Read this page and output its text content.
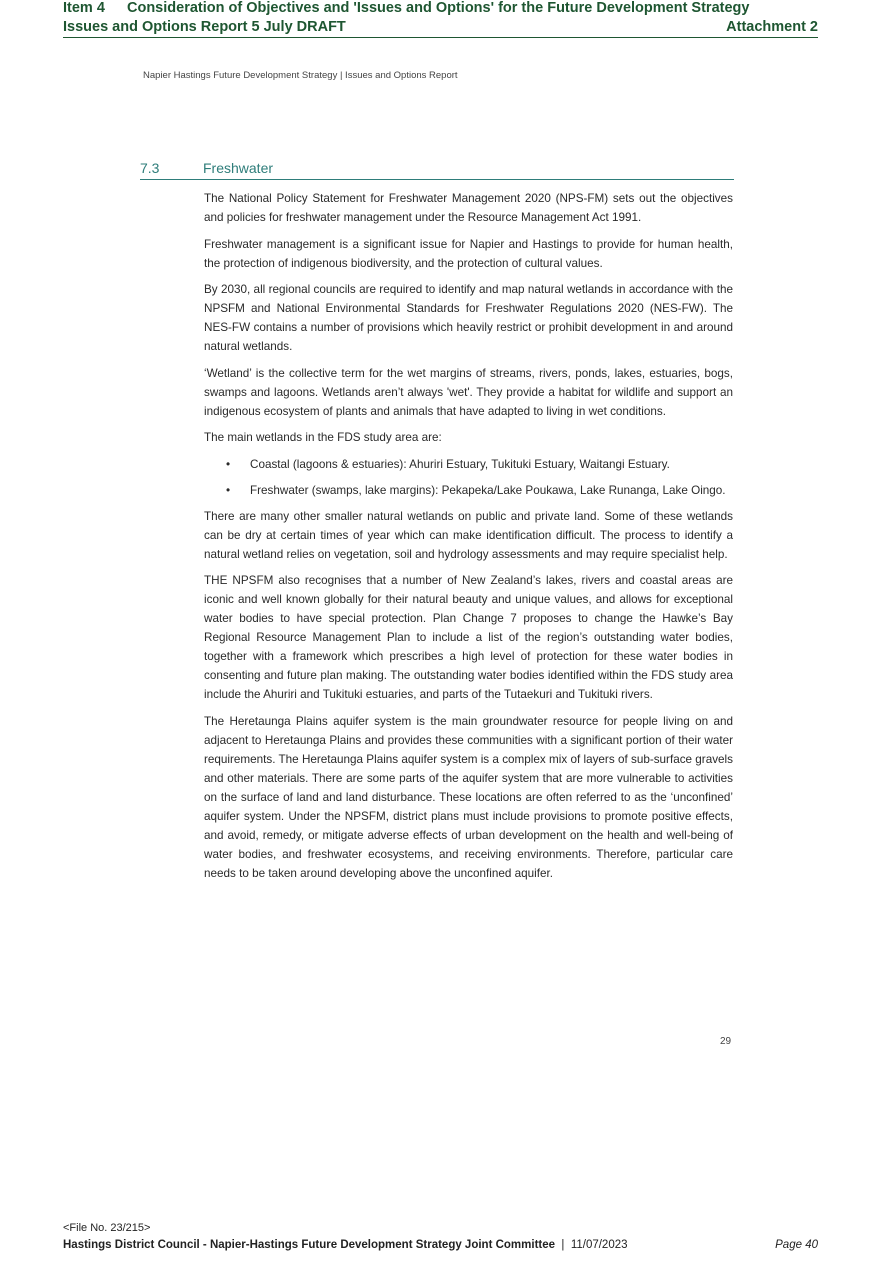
Item 4 Consideration of Objectives and 'Issues and Options' for the Future Development Strategy
Issues and Options Report 5 July DRAFT	Attachment 2
Napier Hastings Future Development Strategy | Issues and Options Report
7.3	Freshwater

The National Policy Statement for Freshwater Management 2020 (NPS-FM) sets out the objectives and policies for freshwater management under the Resource Management Act 1991.

Freshwater management is a significant issue for Napier and Hastings to provide for human health, the protection of indigenous biodiversity, and the protection of cultural values.

By 2030, all regional councils are required to identify and map natural wetlands in accordance with the NPSFM and National Environmental Standards for Freshwater Regulations 2020 (NES-FW). The NES-FW contains a number of provisions which heavily restrict or prohibit development in and around natural wetlands.

‘Wetland’ is the collective term for the wet margins of streams, rivers, ponds, lakes, estuaries, bogs, swamps and lagoons. Wetlands aren’t always 'wet'. They provide a habitat for wildlife and support an indigenous ecosystem of plants and animals that have adapted to living in wet conditions.

The main wetlands in the FDS study area are:

• Coastal (lagoons & estuaries): Ahuriri Estuary, Tukituki Estuary, Waitangi Estuary.
• Freshwater (swamps, lake margins): Pekapeka/Lake Poukawa, Lake Runanga, Lake Oingo.

There are many other smaller natural wetlands on public and private land. Some of these wetlands can be dry at certain times of year which can make identification difficult. The process to identify a natural wetland relies on vegetation, soil and hydrology assessments and may require specialist help.

THE NPSFM also recognises that a number of New Zealand’s lakes, rivers and coastal areas are iconic and well known globally for their natural beauty and unique values, and allows for exceptional water bodies to have special protection. Plan Change 7 proposes to change the Hawke’s Bay Regional Resource Management Plan to include a list of the region’s outstanding water bodies, together with a framework which prescribes a high level of protection for these water bodies in consenting and future plan making. The outstanding water bodies identified within the FDS study area include the Ahuriri and Tukituki estuaries, and parts of the Tutaekuri and Tukituki rivers.

The Heretaunga Plains aquifer system is the main groundwater resource for people living on and adjacent to Heretaunga Plains and provides these communities with a significant portion of their water requirements. The Heretaunga Plains aquifer system is a complex mix of layers of sub-surface gravels and other materials. There are some parts of the aquifer system that are more vulnerable to activities on the surface of land and land disturbance. These locations are often referred to as the ‘unconfined’ aquifer system. Under the NPSFM, district plans must include provisions to promote positive effects, and avoid, remedy, or mitigate adverse effects of urban development on the health and well-being of water bodies, and freshwater ecosystems, and receiving environments. Therefore, particular care needs to be taken around developing above the unconfined aquifer.

29
<File No. 23/215>
Hastings District Council - Napier-Hastings Future Development Strategy Joint Committee | 11/07/2023	Page 40
